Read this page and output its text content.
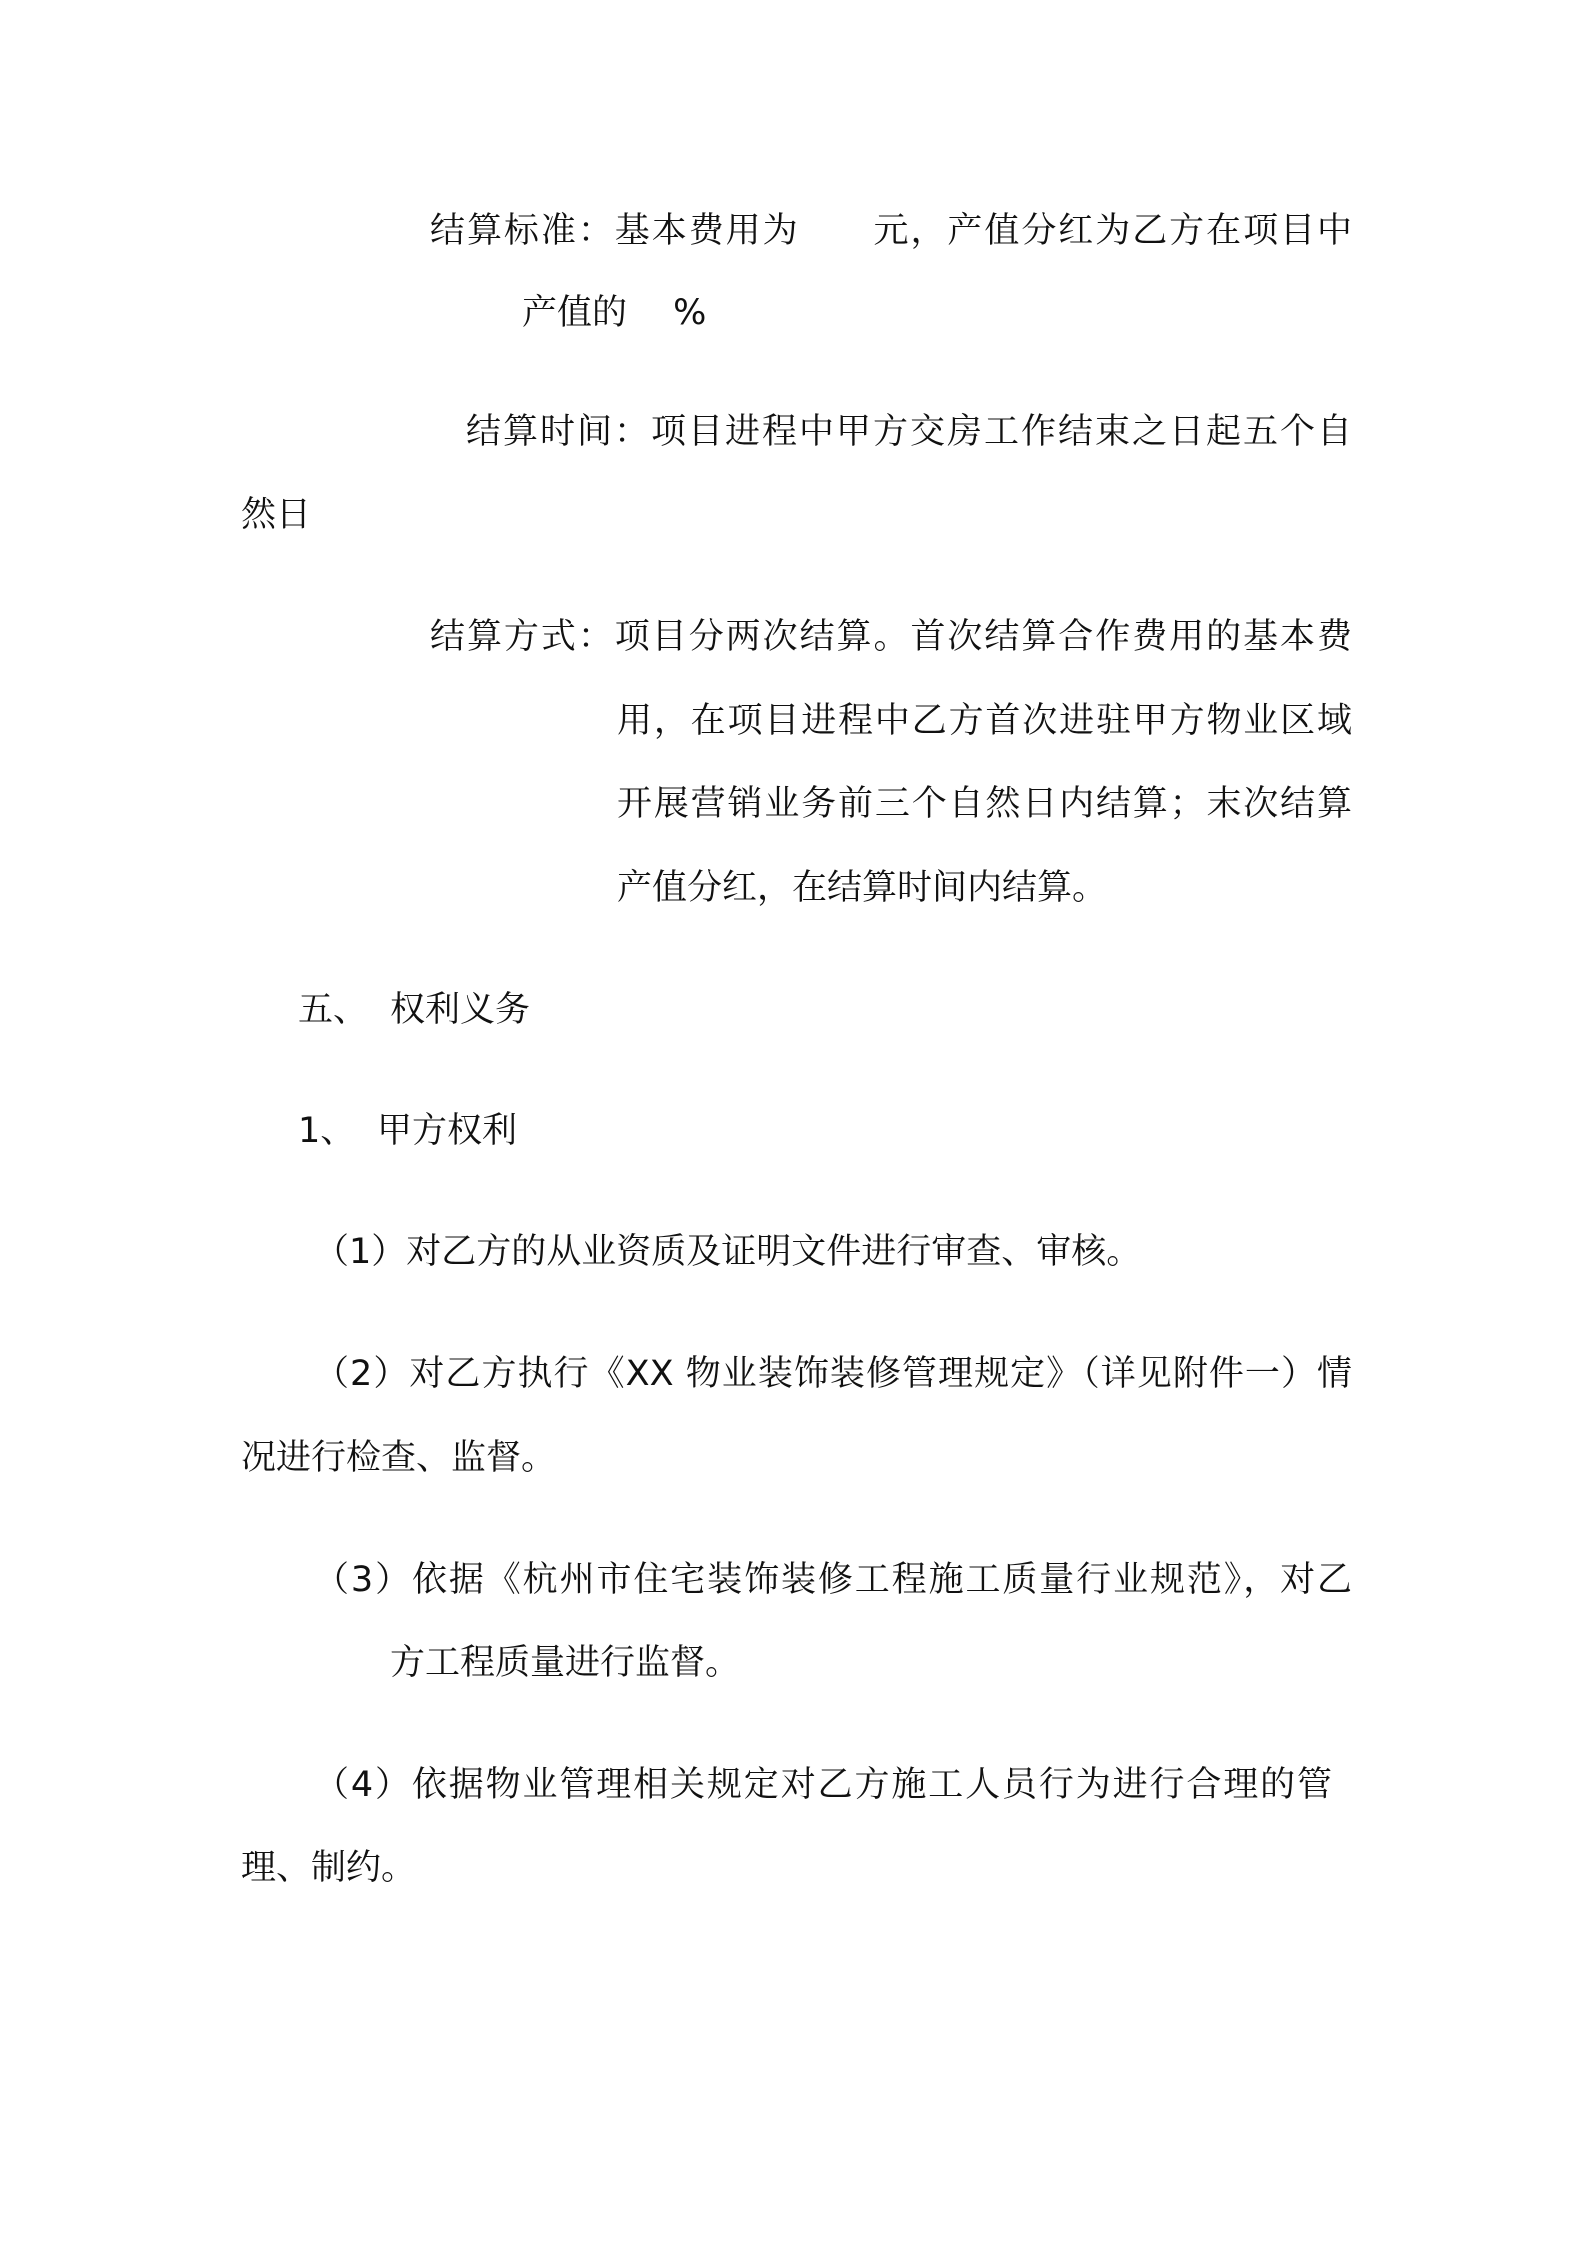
结算标准：基本费用为　　元，产值分红为乙方在项目中

产值的　 %

结算时间：项目进程中甲方交房工作结束之日起五个自

然日

结算方式：项目分两次结算。首次结算合作费用的基本费

用，在项目进程中乙方首次进驻甲方物业区域

开展营销业务前三个自然日内结算；末次结算

产值分红，在结算时间内结算。

五、 权利义务

1、 甲方权利

（1）对乙方的从业资质及证明文件进行审查、审核。

（2）对乙方执行《XX 物业装饰装修管理规定》（详见附件一）情

况进行检查、监督。

（3）依据《杭州市住宅装饰装修工程施工质量行业规范》，对乙

方工程质量进行监督。

（4）依据物业管理相关规定对乙方施工人员行为进行合理的管

理、制约。
